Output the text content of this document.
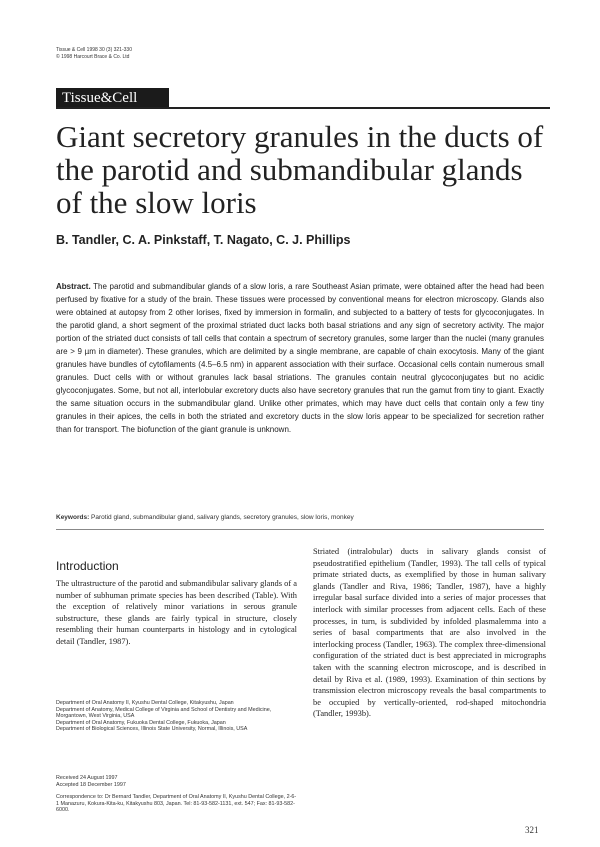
Tissue & Cell 1998 30 (3) 321-330
© 1998 Harcourt Brace & Co. Ltd
Tissue&Cell
Giant secretory granules in the ducts of the parotid and submandibular glands of the slow loris
B. Tandler, C. A. Pinkstaff, T. Nagato, C. J. Phillips

Abstract. The parotid and submandibular glands of a slow loris, a rare Southeast Asian primate, were obtained after the head had been perfused by fixative for a study of the brain. These tissues were processed by conventional means for electron microscopy. Glands also were obtained at autopsy from 2 other lorises, fixed by immersion in formalin, and subjected to a battery of tests for glycoconjugates. In the parotid gland, a short segment of the proximal striated duct lacks both basal striations and any sign of secretory activity. The major portion of the striated duct consists of tall cells that contain a spectrum of secretory granules, some larger than the nuclei (many granules are > 9 µm in diameter). These granules, which are delimited by a single membrane, are capable of chain exocytosis. Many of the giant granules have bundles of cytofilaments (4.5–6.5 nm) in apparent association with their surface. Occasional cells contain numerous small granules. Duct cells with or without granules lack basal striations. The granules contain neutral glycoconjugates but no acidic glycoconjugates. Some, but not all, interlobular excretory ducts also have secretory granules that run the gamut from tiny to giant. Exactly the same situation occurs in the submandibular gland. Unlike other primates, which may have duct cells that contain only a few tiny granules in their apices, the cells in both the striated and excretory ducts in the slow loris appear to be specialized for secretion rather than for transport. The biofunction of the giant granule is unknown.

Keywords: Parotid gland, submandibular gland, salivary glands, secretory granules, slow loris, monkey
Introduction

The ultrastructure of the parotid and submandibular salivary glands of a number of subhuman primate species has been described (Table). With the exception of relatively minor variations in serous granule substructure, these glands are fairly typical in structure, closely resembling their human counterparts in histology and in cytological detail (Tandler, 1987).

Department of Oral Anatomy II, Kyushu Dental College, Kitakyushu, Japan

Department of Anatomy, Medical College of Virginia and School of Dentistry and Medicine, Morgantown, West Virginia, USA

Department of Oral Anatomy, Fukuoka Dental College, Fukuoka, Japan

Department of Biological Sciences, Illinois State University, Normal, Illinois, USA

Received 24 August 1997

Accepted 18 December 1997

Correspondence to: Dr Bernard Tandler, Department of Oral Anatomy II, Kyushu Dental College, 2-6-1 Manazuru, Kokura-Kita-ku, Kitakyushu 803, Japan. Tel: 81-93-582-1131, ext. 547; Fax: 81-93-582-6000.

Striated (intralobular) ducts in salivary glands consist of pseudostratified epithelium (Tandler, 1993). The tall cells of typical primate striated ducts, as exemplified by those in human salivary glands (Tandler and Riva, 1986; Tandler, 1987), have a highly irregular basal surface divided into a series of major processes that interlock with similar processes from adjacent cells. Each of these processes, in turn, is subdivided by infolded plasmalemma into a series of basal compartments that are also involved in the interlocking process (Tandler, 1963). The complex three-dimensional configuration of the striated duct is best appreciated in micrographs taken with the scanning electron microscope, and is described in detail by Riva et al. (1989, 1993). Examination of thin sections by transmission electron microscopy reveals the basal compartments to be occupied by vertically-oriented, rod-shaped mitochondria (Tandler, 1993b).

321
